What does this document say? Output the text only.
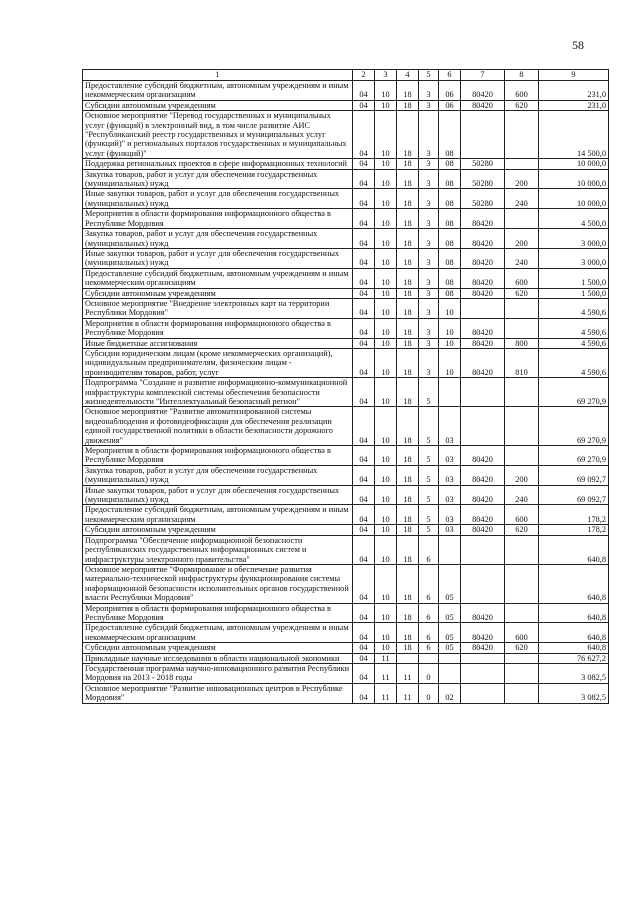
58
1	2	3	4	5	6	7	8	9
Предоставление субсидий бюджетным, автономным учреждениям и иным некоммерческим организациям	04	10	18	3	06	80420	600	231,0
Субсидии автономным учреждениям	04	10	18	3	06	80420	620	231,0
Основное мероприятие "Перевод государственных и муниципальных услуг (функций) в электронный вид, в том числе развитие АИС "Республиканский реестр государственных и муниципальных услуг (функций)" и региональных порталов государственных и муниципальных услуг (функций)"	04	10	18	3	08			14 500,0
Поддержка региональных проектов в сфере информационных технологий	04	10	18	3	08	50280		10 000,0
Закупка товаров, работ и услуг для обеспечения государственных (муниципальных) нужд	04	10	18	3	08	50280	200	10 000,0
Иные закупки товаров, работ и услуг для обеспечения государственных (муниципальных) нужд	04	10	18	3	08	50280	240	10 000,0
Мероприятия в области формирования информационного общества в Республике Мордовия	04	10	18	3	08	80420		4 500,0
Закупка товаров, работ и услуг для обеспечения государственных (муниципальных) нужд	04	10	18	3	08	80420	200	3 000,0
Иные закупки товаров, работ и услуг для обеспечения государственных (муниципальных) нужд	04	10	18	3	08	80420	240	3 000,0
Предоставление субсидий бюджетным, автономным учреждениям и иным некоммерческим организациям	04	10	18	3	08	80420	600	1 500,0
Субсидии автономным учреждениям	04	10	18	3	08	80420	620	1 500,0
Основное мероприятие "Внедрение электронных карт на территории Республики Мордовия"	04	10	18	3	10			4 590,6
Мероприятия в области формирования информационного общества в Республике Мордовия	04	10	18	3	10	80420		4 590,6
Иные бюджетные ассигнования	04	10	18	3	10	80420	800	4 590,6
Субсидии юридическим лицам (кроме некоммерческих организаций), индивидуальным предпринимателям, физическим лицам - производителям товаров, работ, услуг	04	10	18	3	10	80420	810	4 590,6
Подпрограмма "Создание и развитие информационно-коммуникационной инфраструктуры комплексной системы обеспечения безопасности жизнедеятельности "Интеллектуальный безопасный регион"	04	10	18	5				69 270,9
Основное мероприятие "Развитие автоматизированной системы видеонаблюдения и фотовидеофиксации для обеспечения реализации единой государственной политики в области безопасности дорожного движения"	04	10	18	5	03			69 270,9
Мероприятия в области формирования информационного общества в Республике Мордовия	04	10	18	5	03	80420		69 270,9
Закупка товаров, работ и услуг для обеспечения государственных (муниципальных) нужд	04	10	18	5	03	80420	200	69 092,7
Иные закупки товаров, работ и услуг для обеспечения государственных (муниципальных) нужд	04	10	18	5	03	80420	240	69 092,7
Предоставление субсидий бюджетным, автономным учреждениям и иным некоммерческим организациям	04	10	18	5	03	80420	600	178,2
Субсидии автономным учреждениям	04	10	18	5	03	80420	620	178,2
Подпрограмма "Обеспечение информационной безопасности республиканских государственных информационных систем и инфраструктуры электронного правительства"	04	10	18	6				640,8
Основное мероприятие "Формирование и обеспечение развития материально-технической инфраструктуры функционирования системы информационной безопасности исполнительных органов государственной власти Республики Мордовия"	04	10	18	6	05			640,8
Мероприятия в области формирования информационного общества в Республике Мордовия	04	10	18	6	05	80420		640,8
Предоставление субсидий бюджетным, автономным учреждениям и иным некоммерческим организациям	04	10	18	6	05	80420	600	640,8
Субсидии автономным учреждениям	04	10	18	6	05	80420	620	640,8
Прикладные научные исследования в области национальной экономики	04	11						76 627,2
Государственная программа научно-инновационного развития Республики Мордовия на 2013 - 2018 годы	04	11	11	0				3 082,5
Основное мероприятие "Развитие инновационных центров в Республике Мордовия"	04	11	11	0	02			3 082,5
